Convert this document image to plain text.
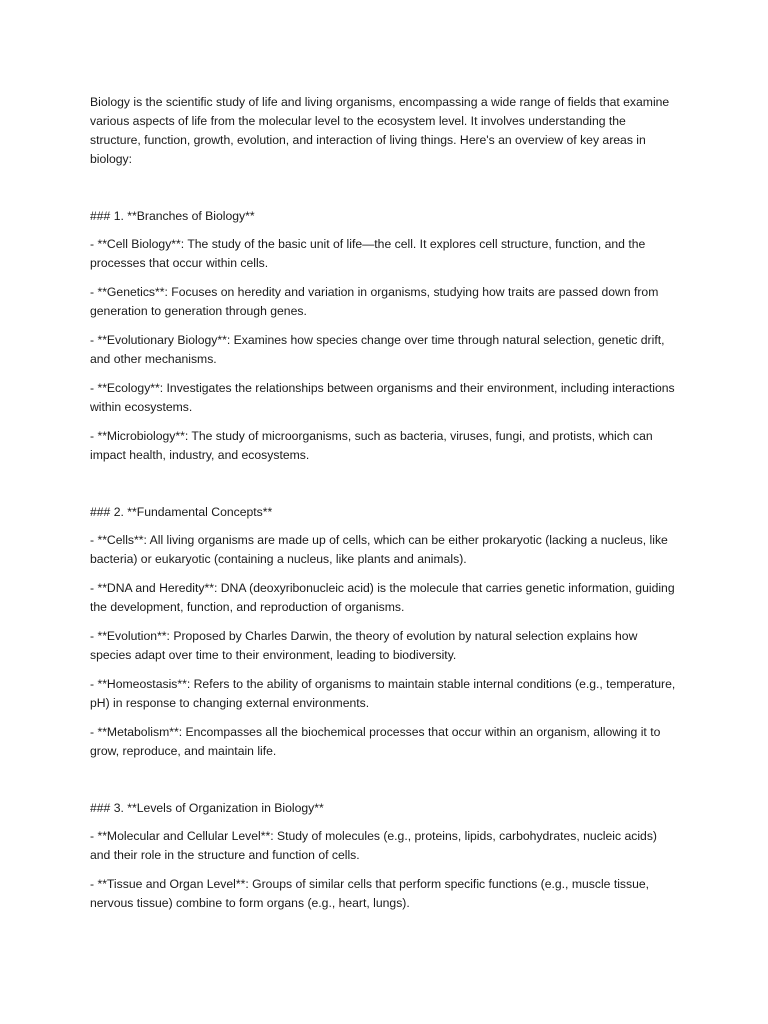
Biology is the scientific study of life and living organisms, encompassing a wide range of fields that examine various aspects of life from the molecular level to the ecosystem level. It involves understanding the structure, function, growth, evolution, and interaction of living things. Here's an overview of key areas in biology:

### 1. **Branches of Biology**

- **Cell Biology**: The study of the basic unit of life—the cell. It explores cell structure, function, and the processes that occur within cells.

- **Genetics**: Focuses on heredity and variation in organisms, studying how traits are passed down from generation to generation through genes.

- **Evolutionary Biology**: Examines how species change over time through natural selection, genetic drift, and other mechanisms.

- **Ecology**: Investigates the relationships between organisms and their environment, including interactions within ecosystems.

- **Microbiology**: The study of microorganisms, such as bacteria, viruses, fungi, and protists, which can impact health, industry, and ecosystems.

### 2. **Fundamental Concepts**

- **Cells**: All living organisms are made up of cells, which can be either prokaryotic (lacking a nucleus, like bacteria) or eukaryotic (containing a nucleus, like plants and animals).

- **DNA and Heredity**: DNA (deoxyribonucleic acid) is the molecule that carries genetic information, guiding the development, function, and reproduction of organisms.

- **Evolution**: Proposed by Charles Darwin, the theory of evolution by natural selection explains how species adapt over time to their environment, leading to biodiversity.

- **Homeostasis**: Refers to the ability of organisms to maintain stable internal conditions (e.g., temperature, pH) in response to changing external environments.

- **Metabolism**: Encompasses all the biochemical processes that occur within an organism, allowing it to grow, reproduce, and maintain life.

### 3. **Levels of Organization in Biology**

- **Molecular and Cellular Level**: Study of molecules (e.g., proteins, lipids, carbohydrates, nucleic acids) and their role in the structure and function of cells.

- **Tissue and Organ Level**: Groups of similar cells that perform specific functions (e.g., muscle tissue, nervous tissue) combine to form organs (e.g., heart, lungs).
